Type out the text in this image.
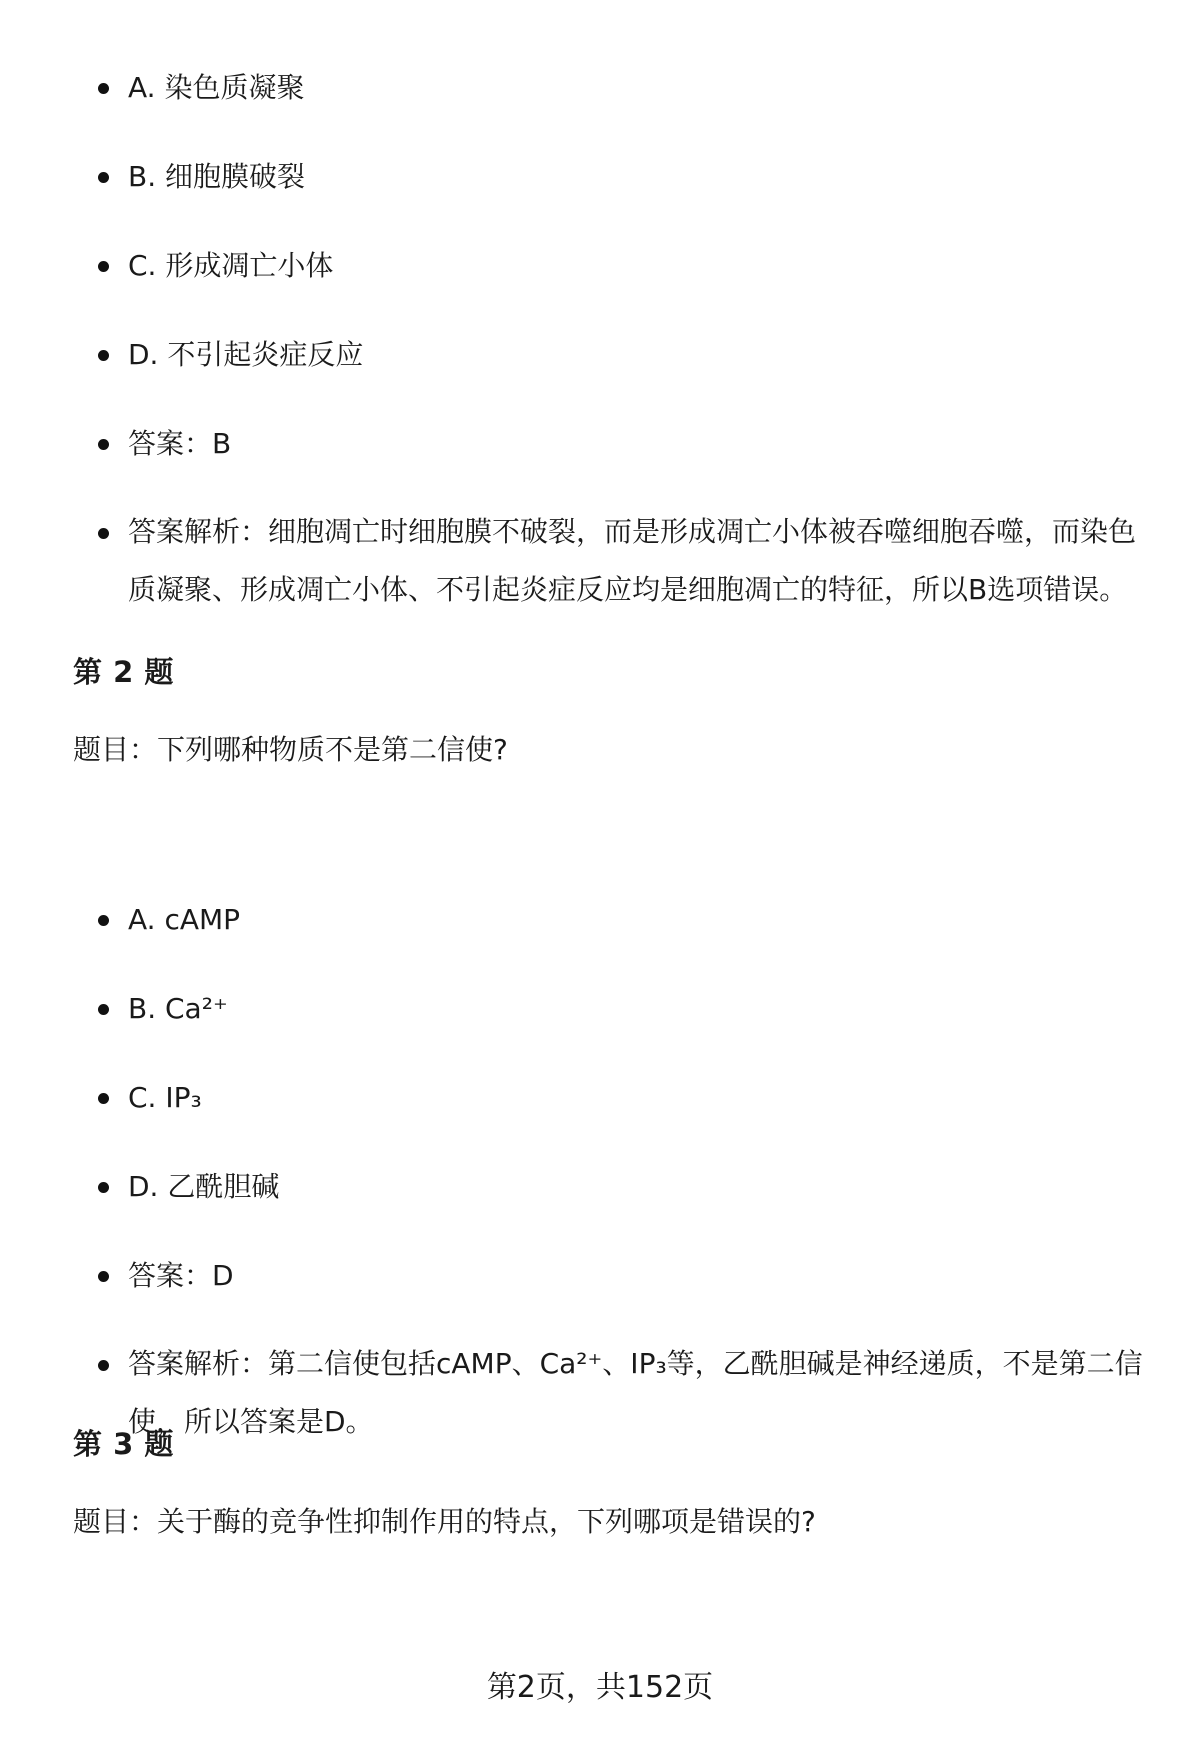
A. 染色质凝聚
B. 细胞膜破裂
C. 形成凋亡小体
D. 不引起炎症反应
答案：B
答案解析：细胞凋亡时细胞膜不破裂，而是形成凋亡小体被吞噬细胞吞噬，而染色质凝聚、形成凋亡小体、不引起炎症反应均是细胞凋亡的特征，所以B选项错误。
第 2 题
题目：下列哪种物质不是第二信使?
A. cAMP
B. Ca²⁺
C. IP₃
D. 乙酰胆碱
答案：D
答案解析：第二信使包括cAMP、Ca²⁺、IP₃等，乙酰胆碱是神经递质，不是第二信使，所以答案是D。
第 3 题
题目：关于酶的竞争性抑制作用的特点，下列哪项是错误的?
第2页，共152页
